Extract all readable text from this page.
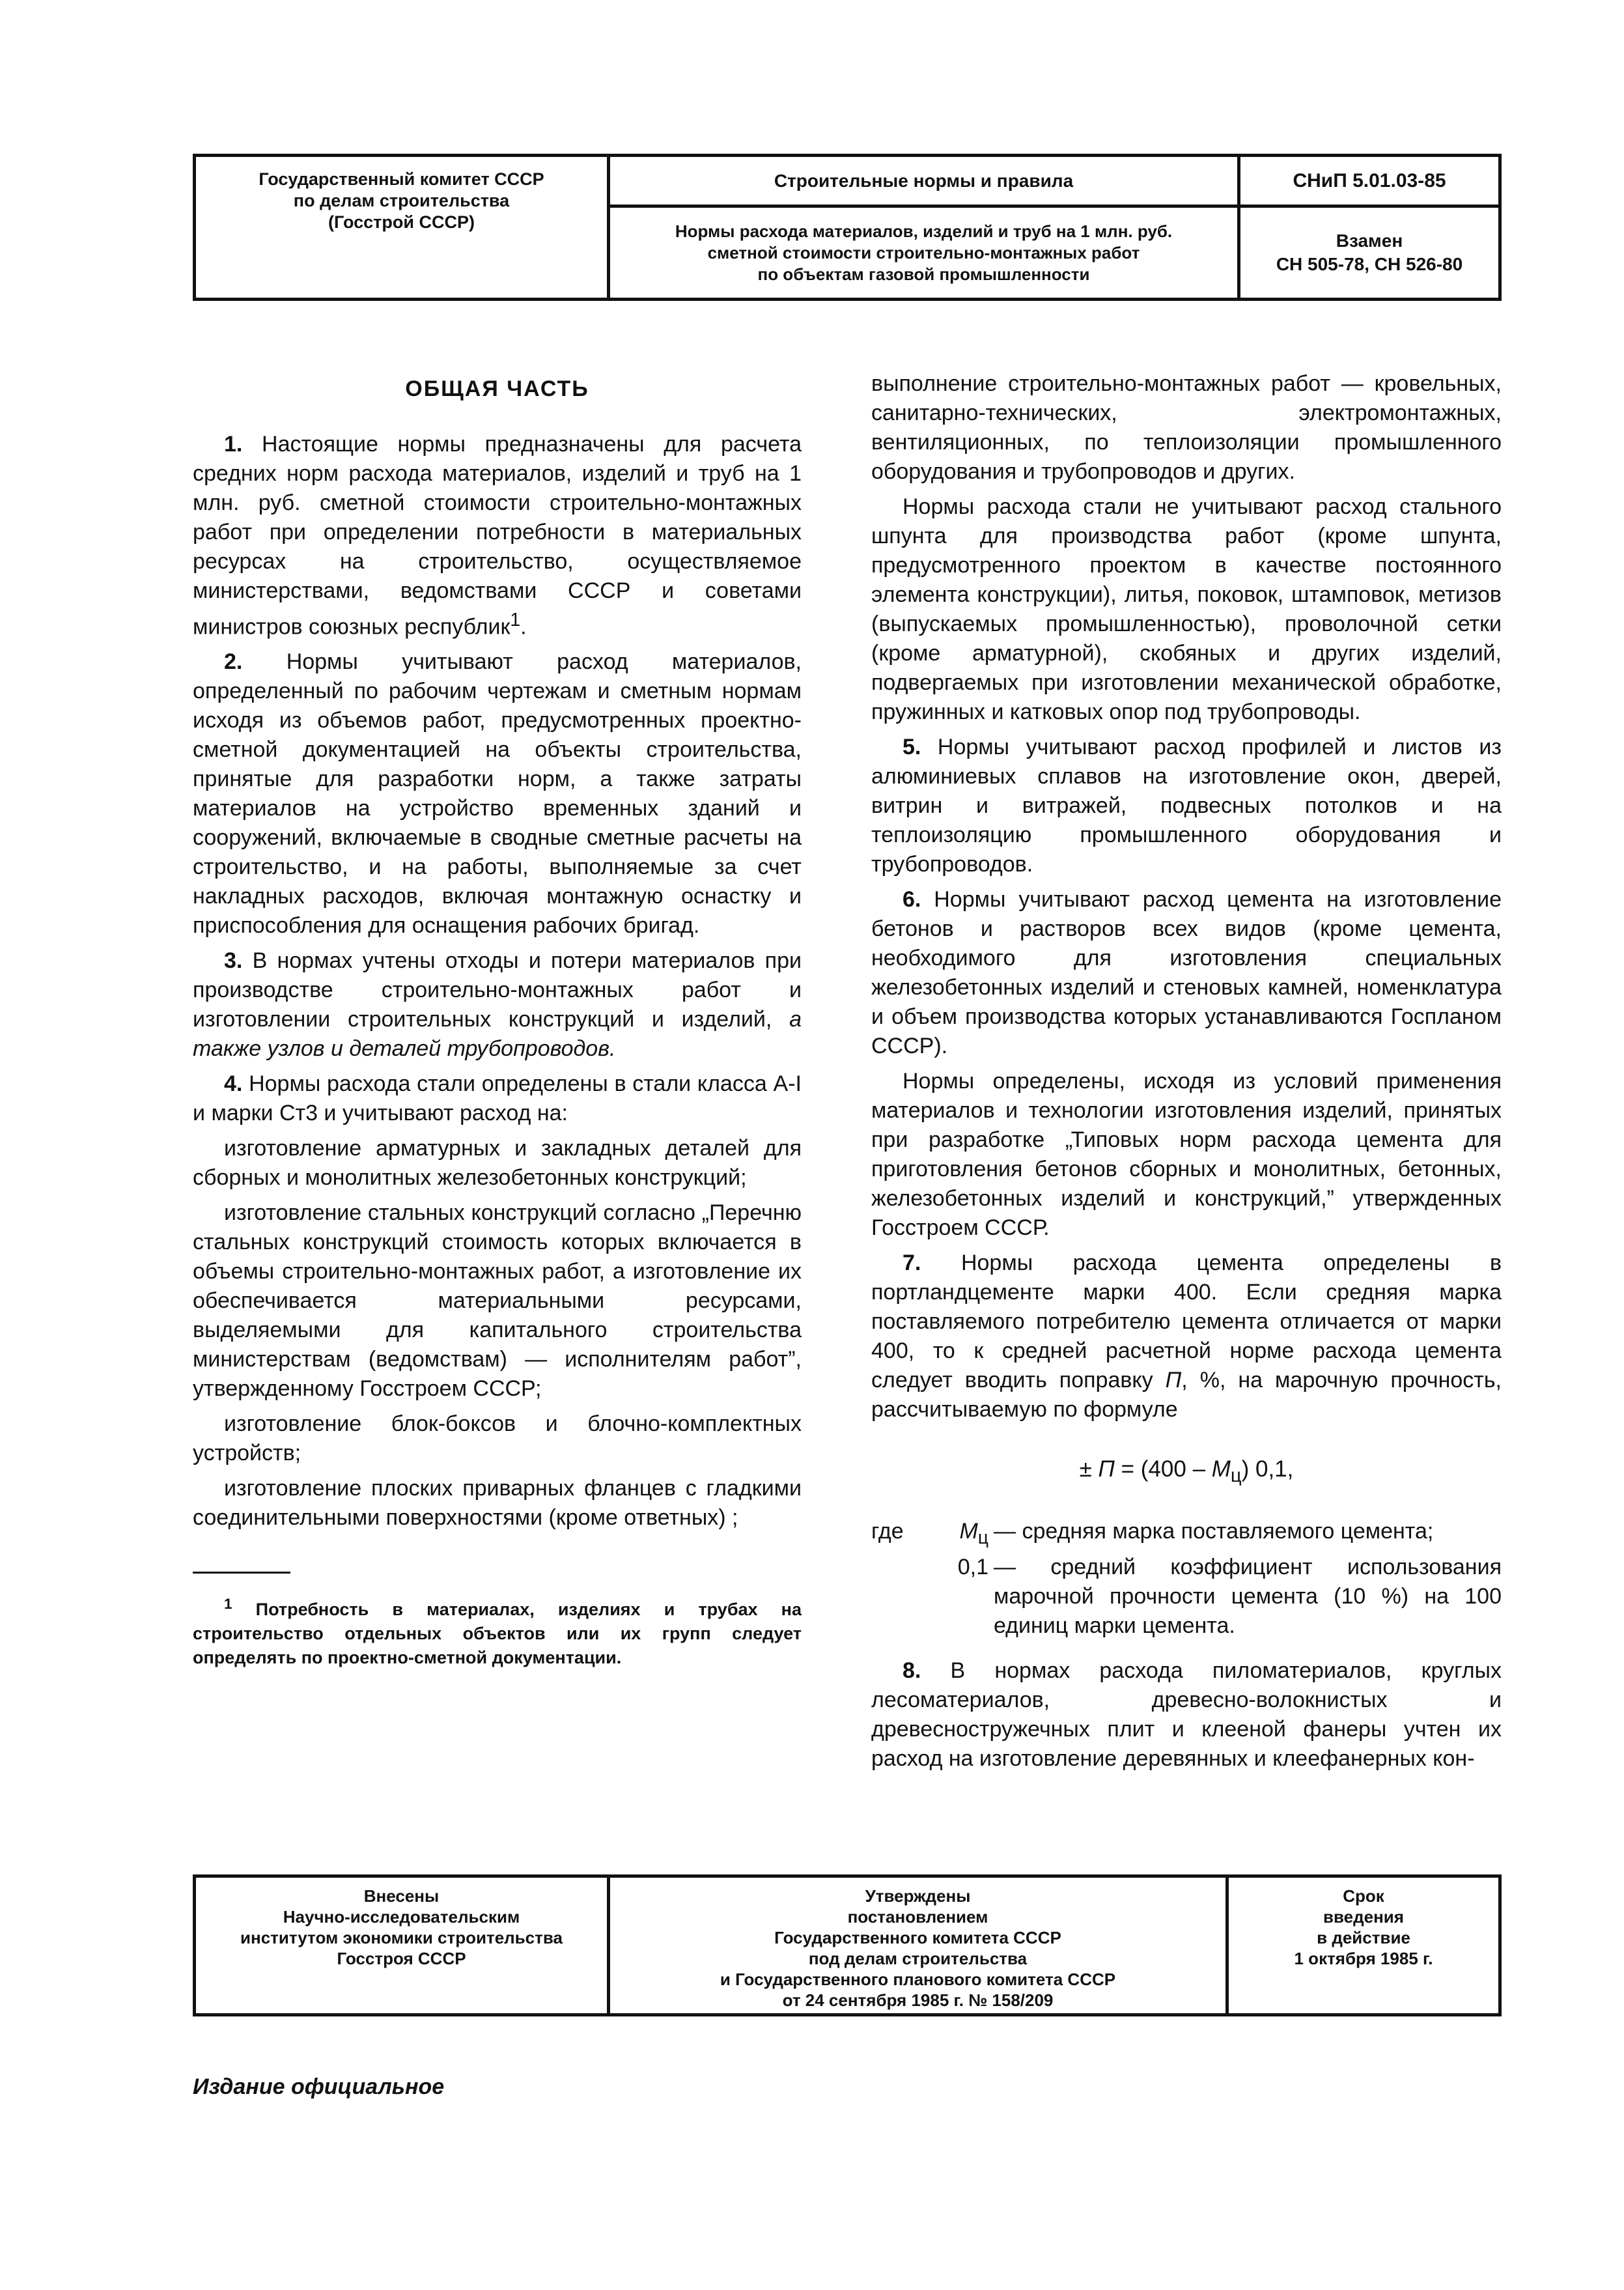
Государственный комитет СССР
по делам строительства
(Госстрой СССР)
Строительные нормы и правила
Нормы расхода материалов, изделий и труб на 1 млн. руб.
сметной стоимости строительно-монтажных работ
по объектам газовой промышленности
СНиП 5.01.03-85
Взамен
СН 505-78, СН 526-80
ОБЩАЯ ЧАСТЬ

1. Настоящие нормы предназначены для расчета средних норм расхода материалов, изделий и труб на 1 млн. руб. сметной стоимости строительно-монтажных работ при определении потребности в материальных ресурсах на строительство, осуществляемое министерствами, ведомствами СССР и советами министров союзных республик$^1$.

2. Нормы учитывают расход материалов, определенный по рабочим чертежам и сметным нормам исходя из объемов работ, предусмотренных проектно-сметной документацией на объекты строительства, принятые для разработки норм, а также затраты материалов на устройство временных зданий и сооружений, включаемые в сводные сметные расчеты на строительство, и на работы, выполняемые за счет накладных расходов, включая монтажную оснастку и приспособления для оснащения рабочих бригад.

3. В нормах учтены отходы и потери материалов при производстве строительно-монтажных работ и изготовлении строительных конструкций и изделий, а также узлов и деталей трубопроводов.

4. Нормы расхода стали определены в стали класса А-I и марки Ст3 и учитывают расход на:

изготовление арматурных и закладных деталей для сборных и монолитных железобетонных конструкций;

изготовление стальных конструкций согласно „Перечню стальных конструкций стоимость которых включается в объемы строительно-монтажных работ, а изготовление их обеспечивается материальными ресурсами, выделяемыми для капитального строительства министерствам (ведомствам) — исполнителям работ”, утвержденному Госстроем СССР;

изготовление блок-боксов и блочно-комплектных устройств;

изготовление плоских приварных фланцев с гладкими соединительными поверхностями (кроме ответных) ;

$^1$ Потребность в материалах, изделиях и трубах на строительство отдельных объектов или их групп следует определять по проектно-сметной документации.

выполнение строительно-монтажных работ — кровельных, санитарно-технических, электромонтажных, вентиляционных, по теплоизоляции промышленного оборудования и трубопроводов и других.

Нормы расхода стали не учитывают расход стального шпунта для производства работ (кроме шпунта, предусмотренного проектом в качестве постоянного элемента конструкции), литья, поковок, штамповок, метизов (выпускаемых промышленностью), проволочной сетки (кроме арматурной), скобяных и других изделий, подвергаемых при изготовлении механической обработке, пружинных и катковых опор под трубопроводы.

5. Нормы учитывают расход профилей и листов из алюминиевых сплавов на изготовление окон, дверей, витрин и витражей, подвесных потолков и на теплоизоляцию промышленного оборудования и трубопроводов.

6. Нормы учитывают расход цемента на изготовление бетонов и растворов всех видов (кроме цемента, необходимого для изготовления специальных железобетонных изделий и стеновых камней, номенклатура и объем производства которых устанавливаются Госпланом СССР).

Нормы определены, исходя из условий применения материалов и технологии изготовления изделий, принятых при разработке „Типовых норм расхода цемента для приготовления бетонов сборных и монолитных, бетонных, железобетонных изделий и конструкций,” утвержденных Госстроем СССР.

7. Нормы расхода цемента определены в портландцементе марки 400. Если средняя марка поставляемого потребителю цемента отличается от марки 400, то к средней расчетной норме расхода цемента следует вводить поправку П, %, на марочную прочность, рассчитываемую по формуле

± $П = (400 - М_ц)$ 0,1,
где	$М_ц$ — средняя марка поставляемого цемента;
0,1 — средний коэффициент использования марочной прочности цемента (10 %) на 100 единиц марки цемента.

8. В нормах расхода пиломатериалов, круглых лесоматериалов, древесно-волокнистых и древесностружечных плит и клееной фанеры учтен их расход на изготовление деревянных и клеефанерных кон-

Внесены
Научно-исследовательским
институтом экономики строительства
Госстроя СССР
Утверждены
постановлением
Государственного комитета СССР
под делам строительства
и Государственного планового комитета СССР
от 24 сентября 1985 г. № 158/209
Срок
введения
в действие
1 октября 1985 г.
Издание официальное
